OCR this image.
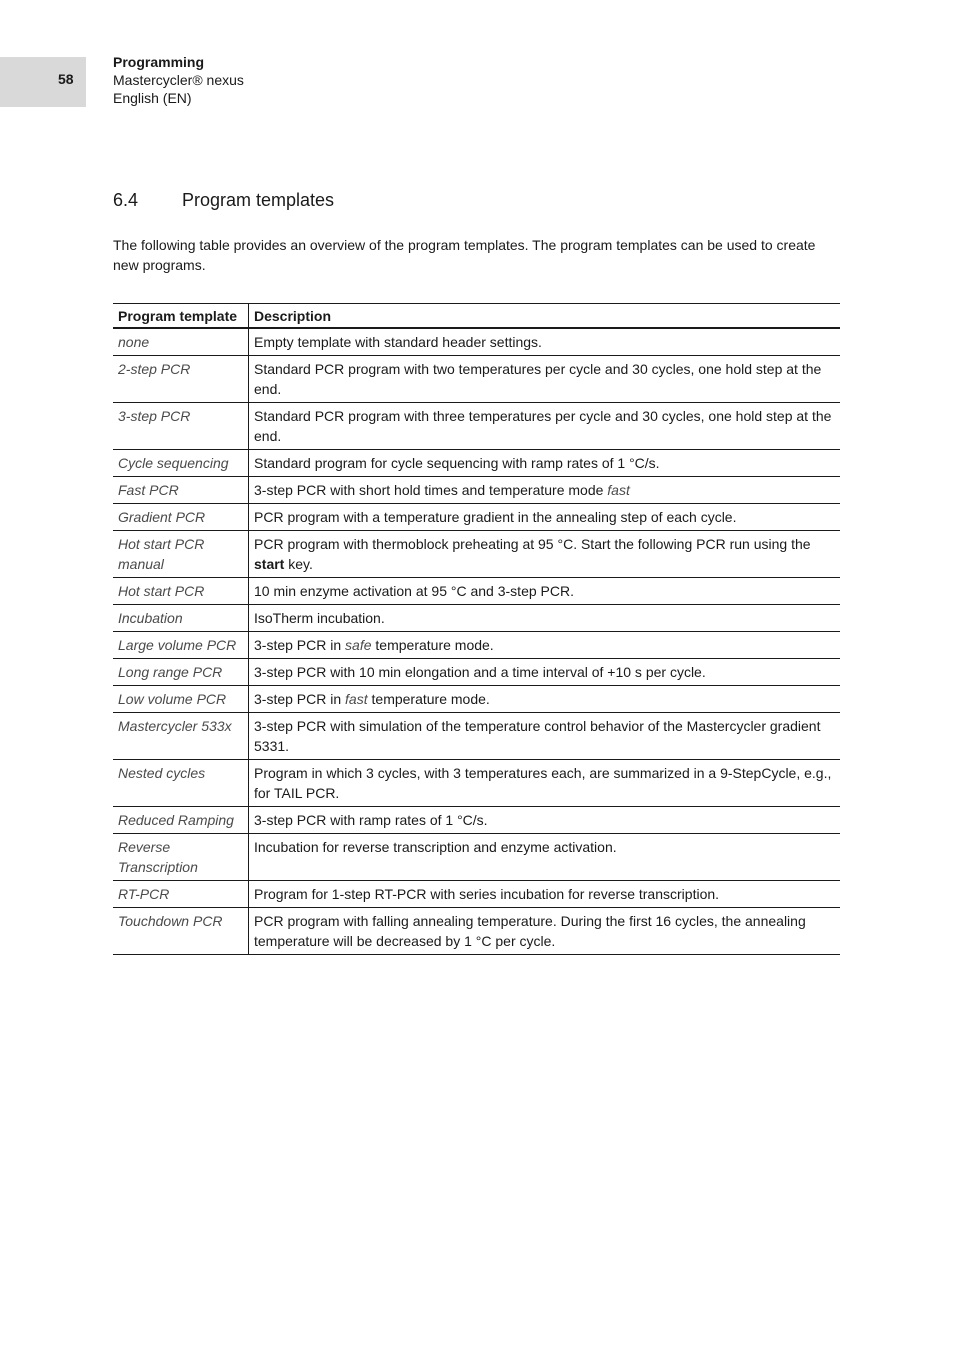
58
Programming
Mastercycler® nexus
English (EN)
6.4 Program templates

The following table provides an overview of the program templates. The program templates can be used to create new programs.

Program template	Description
none	Empty template with standard header settings.
2-step PCR	Standard PCR program with two temperatures per cycle and 30 cycles, one hold step at the end.
3-step PCR	Standard PCR program with three temperatures per cycle and 30 cycles, one hold step at the end.
Cycle sequencing	Standard program for cycle sequencing with ramp rates of 1 °C/s.
Fast PCR	3-step PCR with short hold times and temperature mode fast
Gradient PCR	PCR program with a temperature gradient in the annealing step of each cycle.
Hot start PCR manual	PCR program with thermoblock preheating at 95 °C. Start the following PCR run using the start key.
Hot start PCR	10 min enzyme activation at 95 °C and 3-step PCR.
Incubation	IsoTherm incubation.
Large volume PCR	3-step PCR in safe temperature mode.
Long range PCR	3-step PCR with 10 min elongation and a time interval of +10 s per cycle.
Low volume PCR	3-step PCR in fast temperature mode.
Mastercycler 533x	3-step PCR with simulation of the temperature control behavior of the Mastercycler gradient 5331.
Nested cycles	Program in which 3 cycles, with 3 temperatures each, are summarized in a 9-StepCycle, e.g., for TAIL PCR.
Reduced Ramping	3-step PCR with ramp rates of 1 °C/s.
Reverse Transcription	Incubation for reverse transcription and enzyme activation.
RT-PCR	Program for 1-step RT-PCR with series incubation for reverse transcription.
Touchdown PCR	PCR program with falling annealing temperature. During the first 16 cycles, the annealing temperature will be decreased by 1 °C per cycle.
